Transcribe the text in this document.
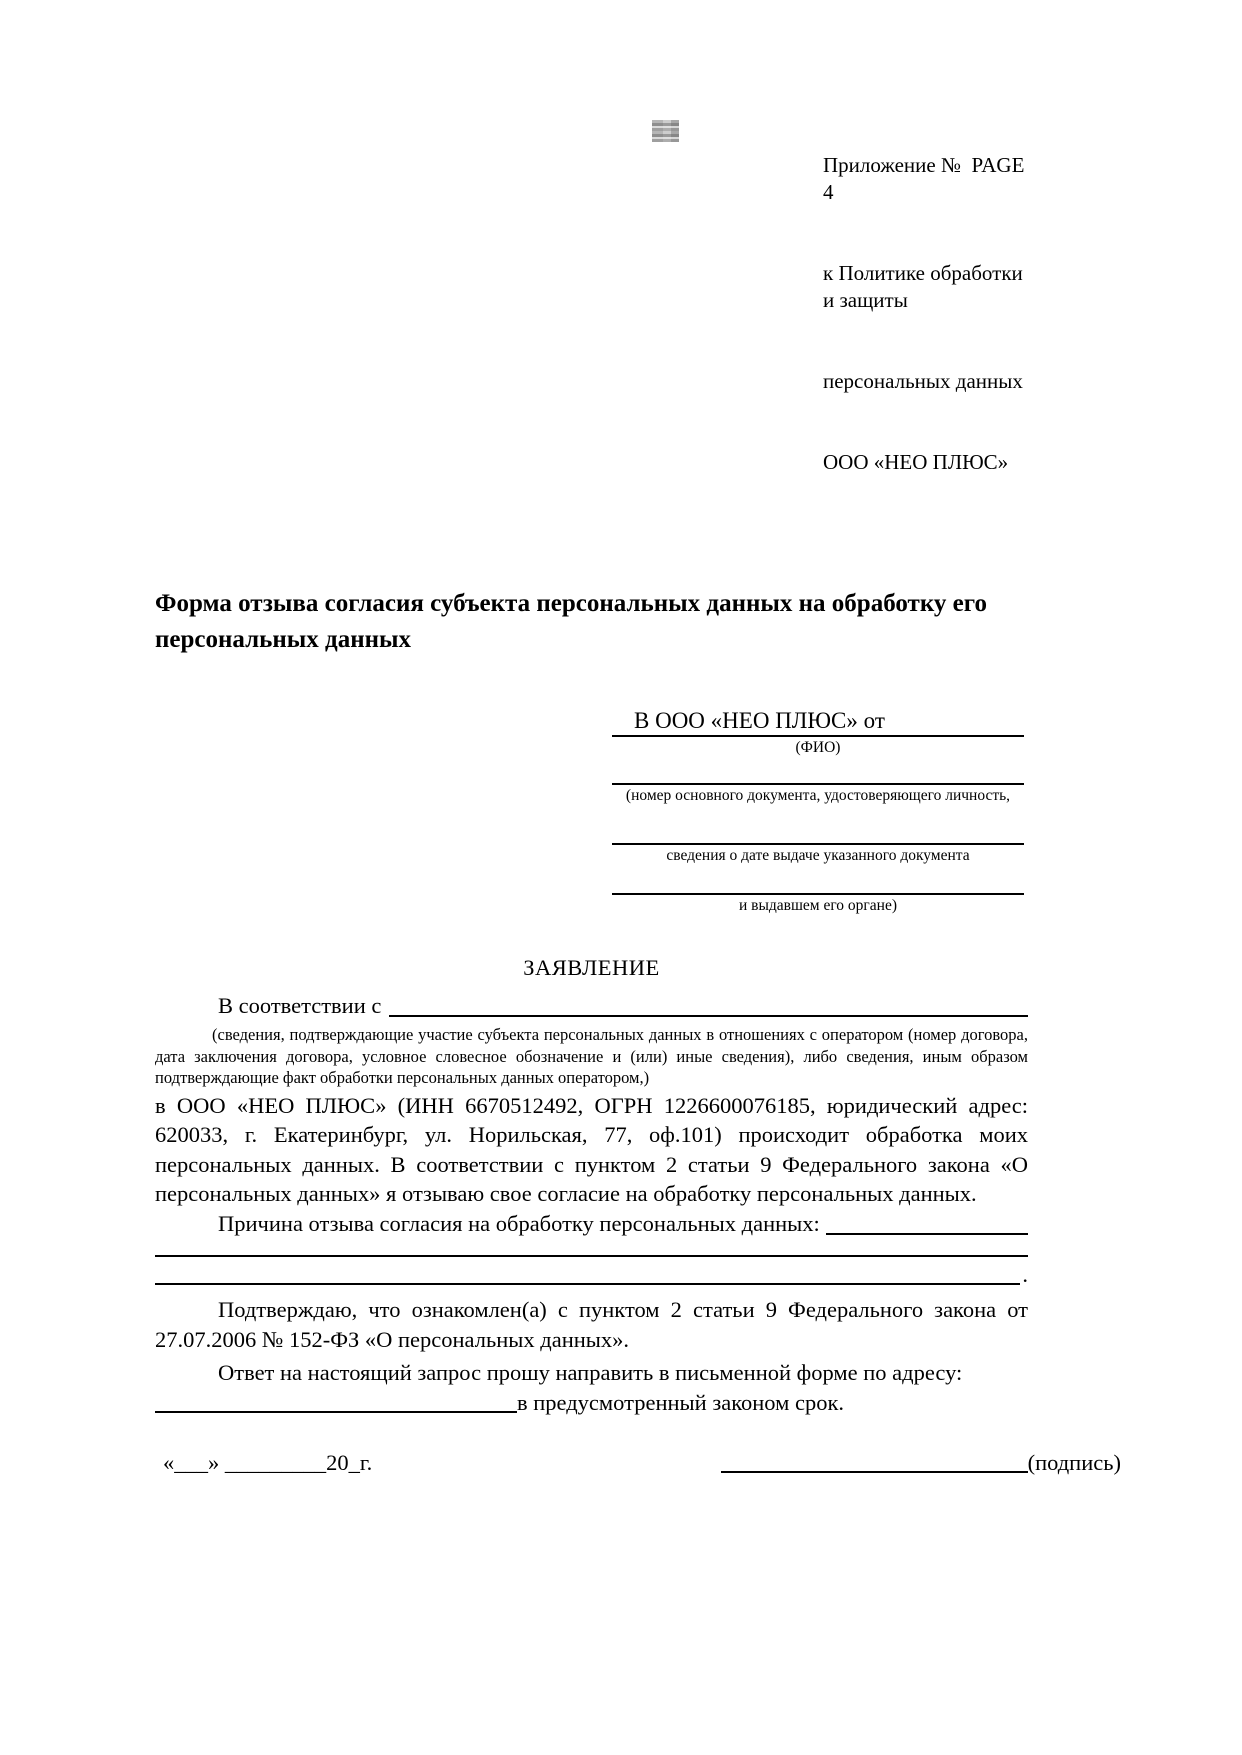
Приложение №  PAGE 4

к Политике обработки и защиты

персональных данных

ООО «НЕО ПЛЮС»

Форма отзыва согласия субъекта персональных данных на обработку его персональных данных
В ООО «НЕО ПЛЮС» от
(ФИО)
(номер основного документа, удостоверяющего личность,
сведения о дате выдаче указанного документа
и выдавшем его органе)
ЗАЯВЛЕНИЕ
В соответствии с
(сведения, подтверждающие участие субъекта персональных данных в отношениях с оператором (номер договора, дата заключения договора, условное словесное обозначение и (или) иные сведения), либо сведения, иным образом подтверждающие факт обработки персональных данных оператором,)
в ООО «НЕО ПЛЮС» (ИНН 6670512492, ОГРН 1226600076185, юридический адрес: 620033, г. Екатеринбург, ул. Норильская, 77, оф.101) происходит обработка моих персональных данных. В соответствии с пунктом 2 статьи 9 Федерального закона «О персональных данных» я отзываю свое согласие на обработку персональных данных.
Причина отзыва согласия на обработку персональных данных:
.
Подтверждаю, что ознакомлен(а) с пунктом 2 статьи 9 Федерального закона от 27.07.2006 № 152-ФЗ «О персональных данных».
Ответ на настоящий запрос прошу направить в письменной форме по адресу:
в предусмотренный законом срок.
«___» _________20_г.	(подпись)
